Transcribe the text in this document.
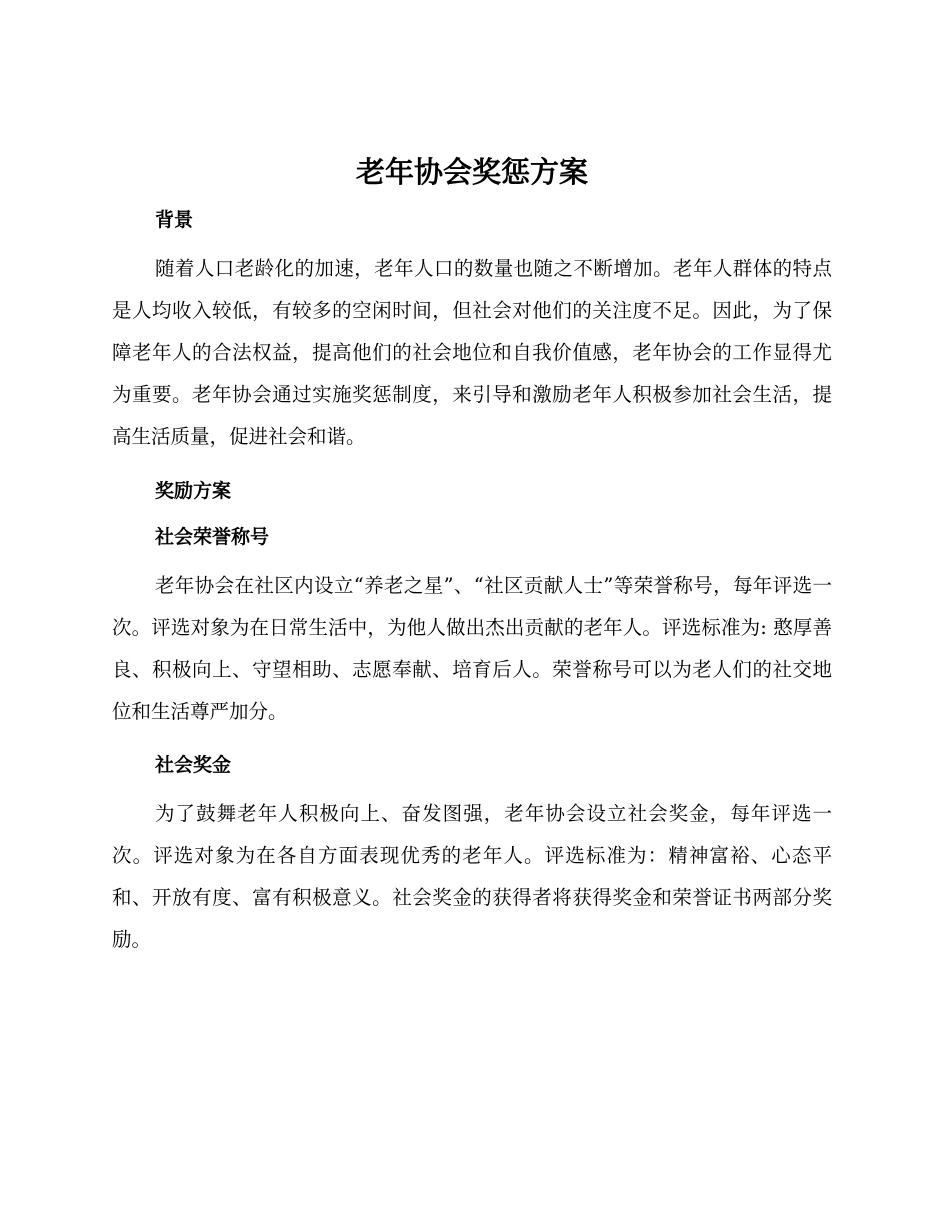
老年协会奖惩方案
背景

随着人口老龄化的加速，老年人口的数量也随之不断增加。老年人群体的特点是人均收入较低，有较多的空闲时间，但社会对他们的关注度不足。因此，为了保障老年人的合法权益，提高他们的社会地位和自我价值感，老年协会的工作显得尤为重要。老年协会通过实施奖惩制度，来引导和激励老年人积极参加社会生活，提高生活质量，促进社会和谐。

奖励方案
社会荣誉称号

老年协会在社区内设立“养老之星”、“社区贡献人士”等荣誉称号，每年评选一次。评选对象为在日常生活中，为他人做出杰出贡献的老年人。评选标准为: 憨厚善良、积极向上、守望相助、志愿奉献、培育后人。荣誉称号可以为老人们的社交地位和生活尊严加分。

社会奖金

为了鼓舞老年人积极向上、奋发图强，老年协会设立社会奖金，每年评选一次。评选对象为在各自方面表现优秀的老年人。评选标准为：精神富裕、心态平和、开放有度、富有积极意义。社会奖金的获得者将获得奖金和荣誉证书两部分奖励。
